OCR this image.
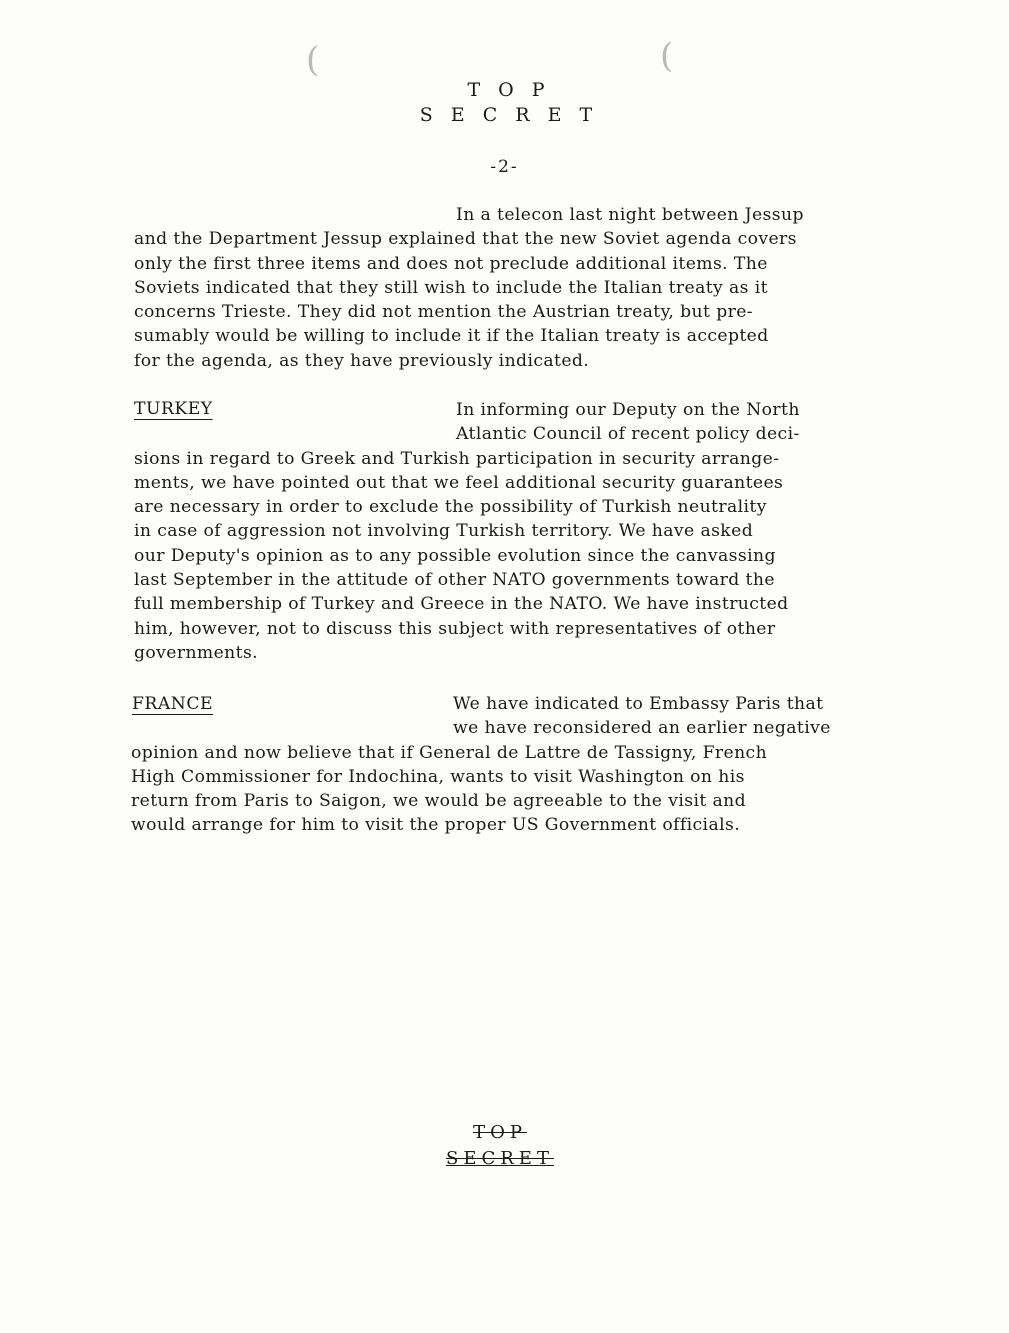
(	(
T O P
S E C R E T
-2-
In a telecon last night between Jessup
and the Department Jessup explained that the new Soviet agenda covers
only the first three items and does not preclude additional items. The
Soviets indicated that they still wish to include the Italian treaty as it
concerns Trieste. They did not mention the Austrian treaty, but pre-
sumably would be willing to include it if the Italian treaty is accepted
for the agenda, as they have previously indicated.
TURKEY	In informing our Deputy on the North
Atlantic Council of recent policy deci-
sions in regard to Greek and Turkish participation in security arrange-
ments, we have pointed out that we feel additional security guarantees
are necessary in order to exclude the possibility of Turkish neutrality
in case of aggression not involving Turkish territory. We have asked
our Deputy's opinion as to any possible evolution since the canvassing
last September in the attitude of other NATO governments toward the
full membership of Turkey and Greece in the NATO. We have instructed
him, however, not to discuss this subject with representatives of other
governments.
FRANCE	We have indicated to Embassy Paris that
we have reconsidered an earlier negative
opinion and now believe that if General de Lattre de Tassigny, French
High Commissioner for Indochina, wants to visit Washington on his
return from Paris to Saigon, we would be agreeable to the visit and
would arrange for him to visit the proper US Government officials.
TOP
SECRET
